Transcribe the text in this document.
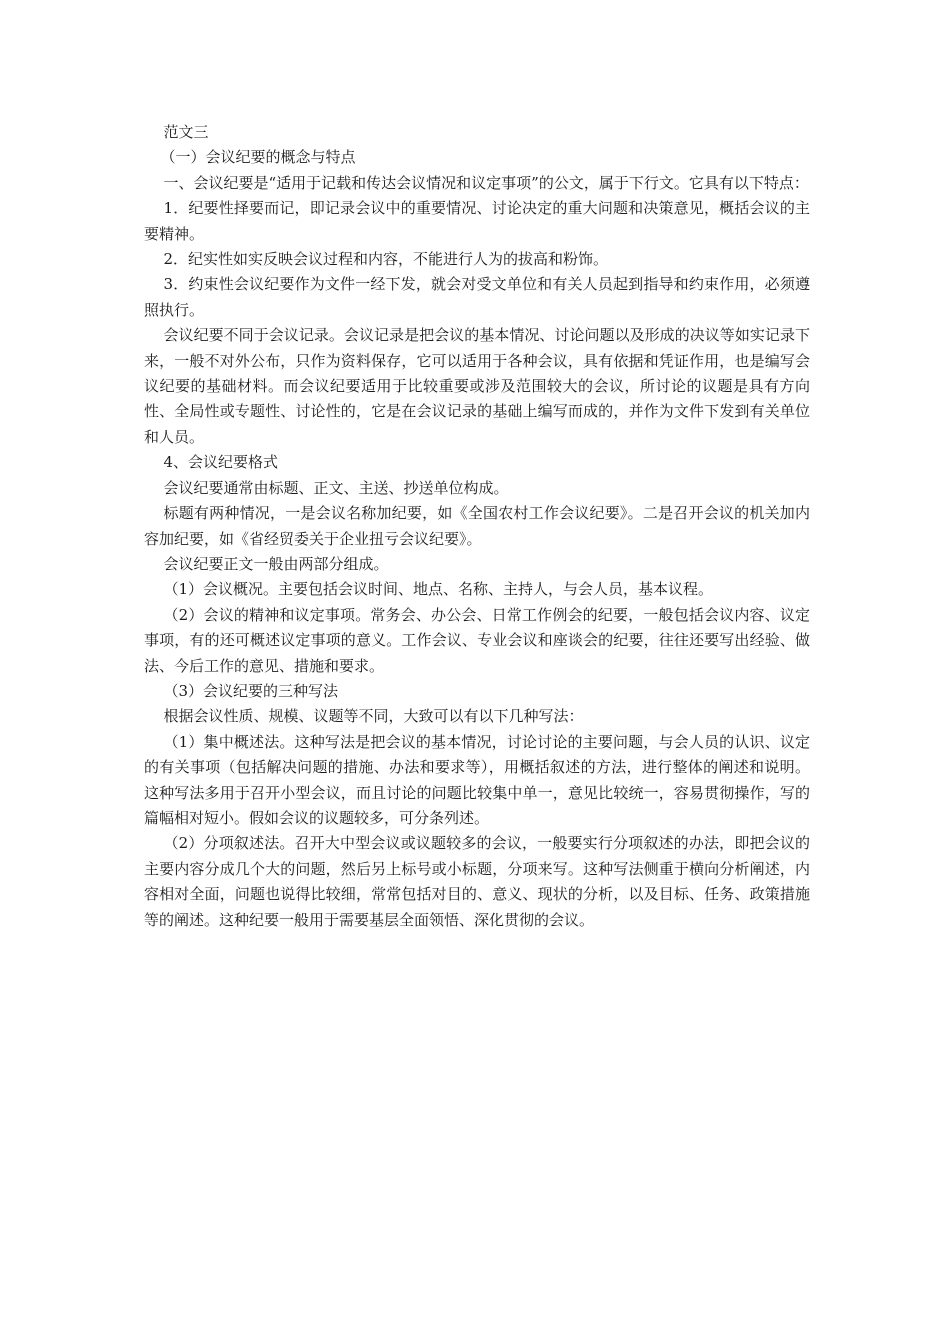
范文三

（一）会议纪要的概念与特点

一、会议纪要是“适用于记载和传达会议情况和议定事项”的公文，属于下行文。它具有以下特点：

1．纪要性择要而记，即记录会议中的重要情况、讨论决定的重大问题和决策意见，概括会议的主要精神。

2．纪实性如实反映会议过程和内容，不能进行人为的拔高和粉饰。

3．约束性会议纪要作为文件一经下发，就会对受文单位和有关人员起到指导和约束作用，必须遵照执行。

会议纪要不同于会议记录。会议记录是把会议的基本情况、讨论问题以及形成的决议等如实记录下来，一般不对外公布，只作为资料保存，它可以适用于各种会议，具有依据和凭证作用，也是编写会议纪要的基础材料。而会议纪要适用于比较重要或涉及范围较大的会议，所讨论的议题是具有方向性、全局性或专题性、讨论性的，它是在会议记录的基础上编写而成的，并作为文件下发到有关单位和人员。

4、会议纪要格式

会议纪要通常由标题、正文、主送、抄送单位构成。

标题有两种情况，一是会议名称加纪要，如《全国农村工作会议纪要》。二是召开会议的机关加内容加纪要，如《省经贸委关于企业扭亏会议纪要》。

会议纪要正文一般由两部分组成。

（1）会议概况。主要包括会议时间、地点、名称、主持人，与会人员，基本议程。

（2）会议的精神和议定事项。常务会、办公会、日常工作例会的纪要，一般包括会议内容、议定事项，有的还可概述议定事项的意义。工作会议、专业会议和座谈会的纪要，往往还要写出经验、做法、今后工作的意见、措施和要求。

（3）会议纪要的三种写法

根据会议性质、规模、议题等不同，大致可以有以下几种写法：

（1）集中概述法。这种写法是把会议的基本情况，讨论讨论的主要问题，与会人员的认识、议定的有关事项（包括解决问题的措施、办法和要求等），用概括叙述的方法，进行整体的阐述和说明。这种写法多用于召开小型会议，而且讨论的问题比较集中单一，意见比较统一，容易贯彻操作，写的篇幅相对短小。假如会议的议题较多，可分条列述。

（2）分项叙述法。召开大中型会议或议题较多的会议，一般要实行分项叙述的办法，即把会议的主要内容分成几个大的问题，然后另上标号或小标题，分项来写。这种写法侧重于横向分析阐述，内容相对全面，问题也说得比较细，常常包括对目的、意义、现状的分析，以及目标、任务、政策措施等的阐述。这种纪要一般用于需要基层全面领悟、深化贯彻的会议。
